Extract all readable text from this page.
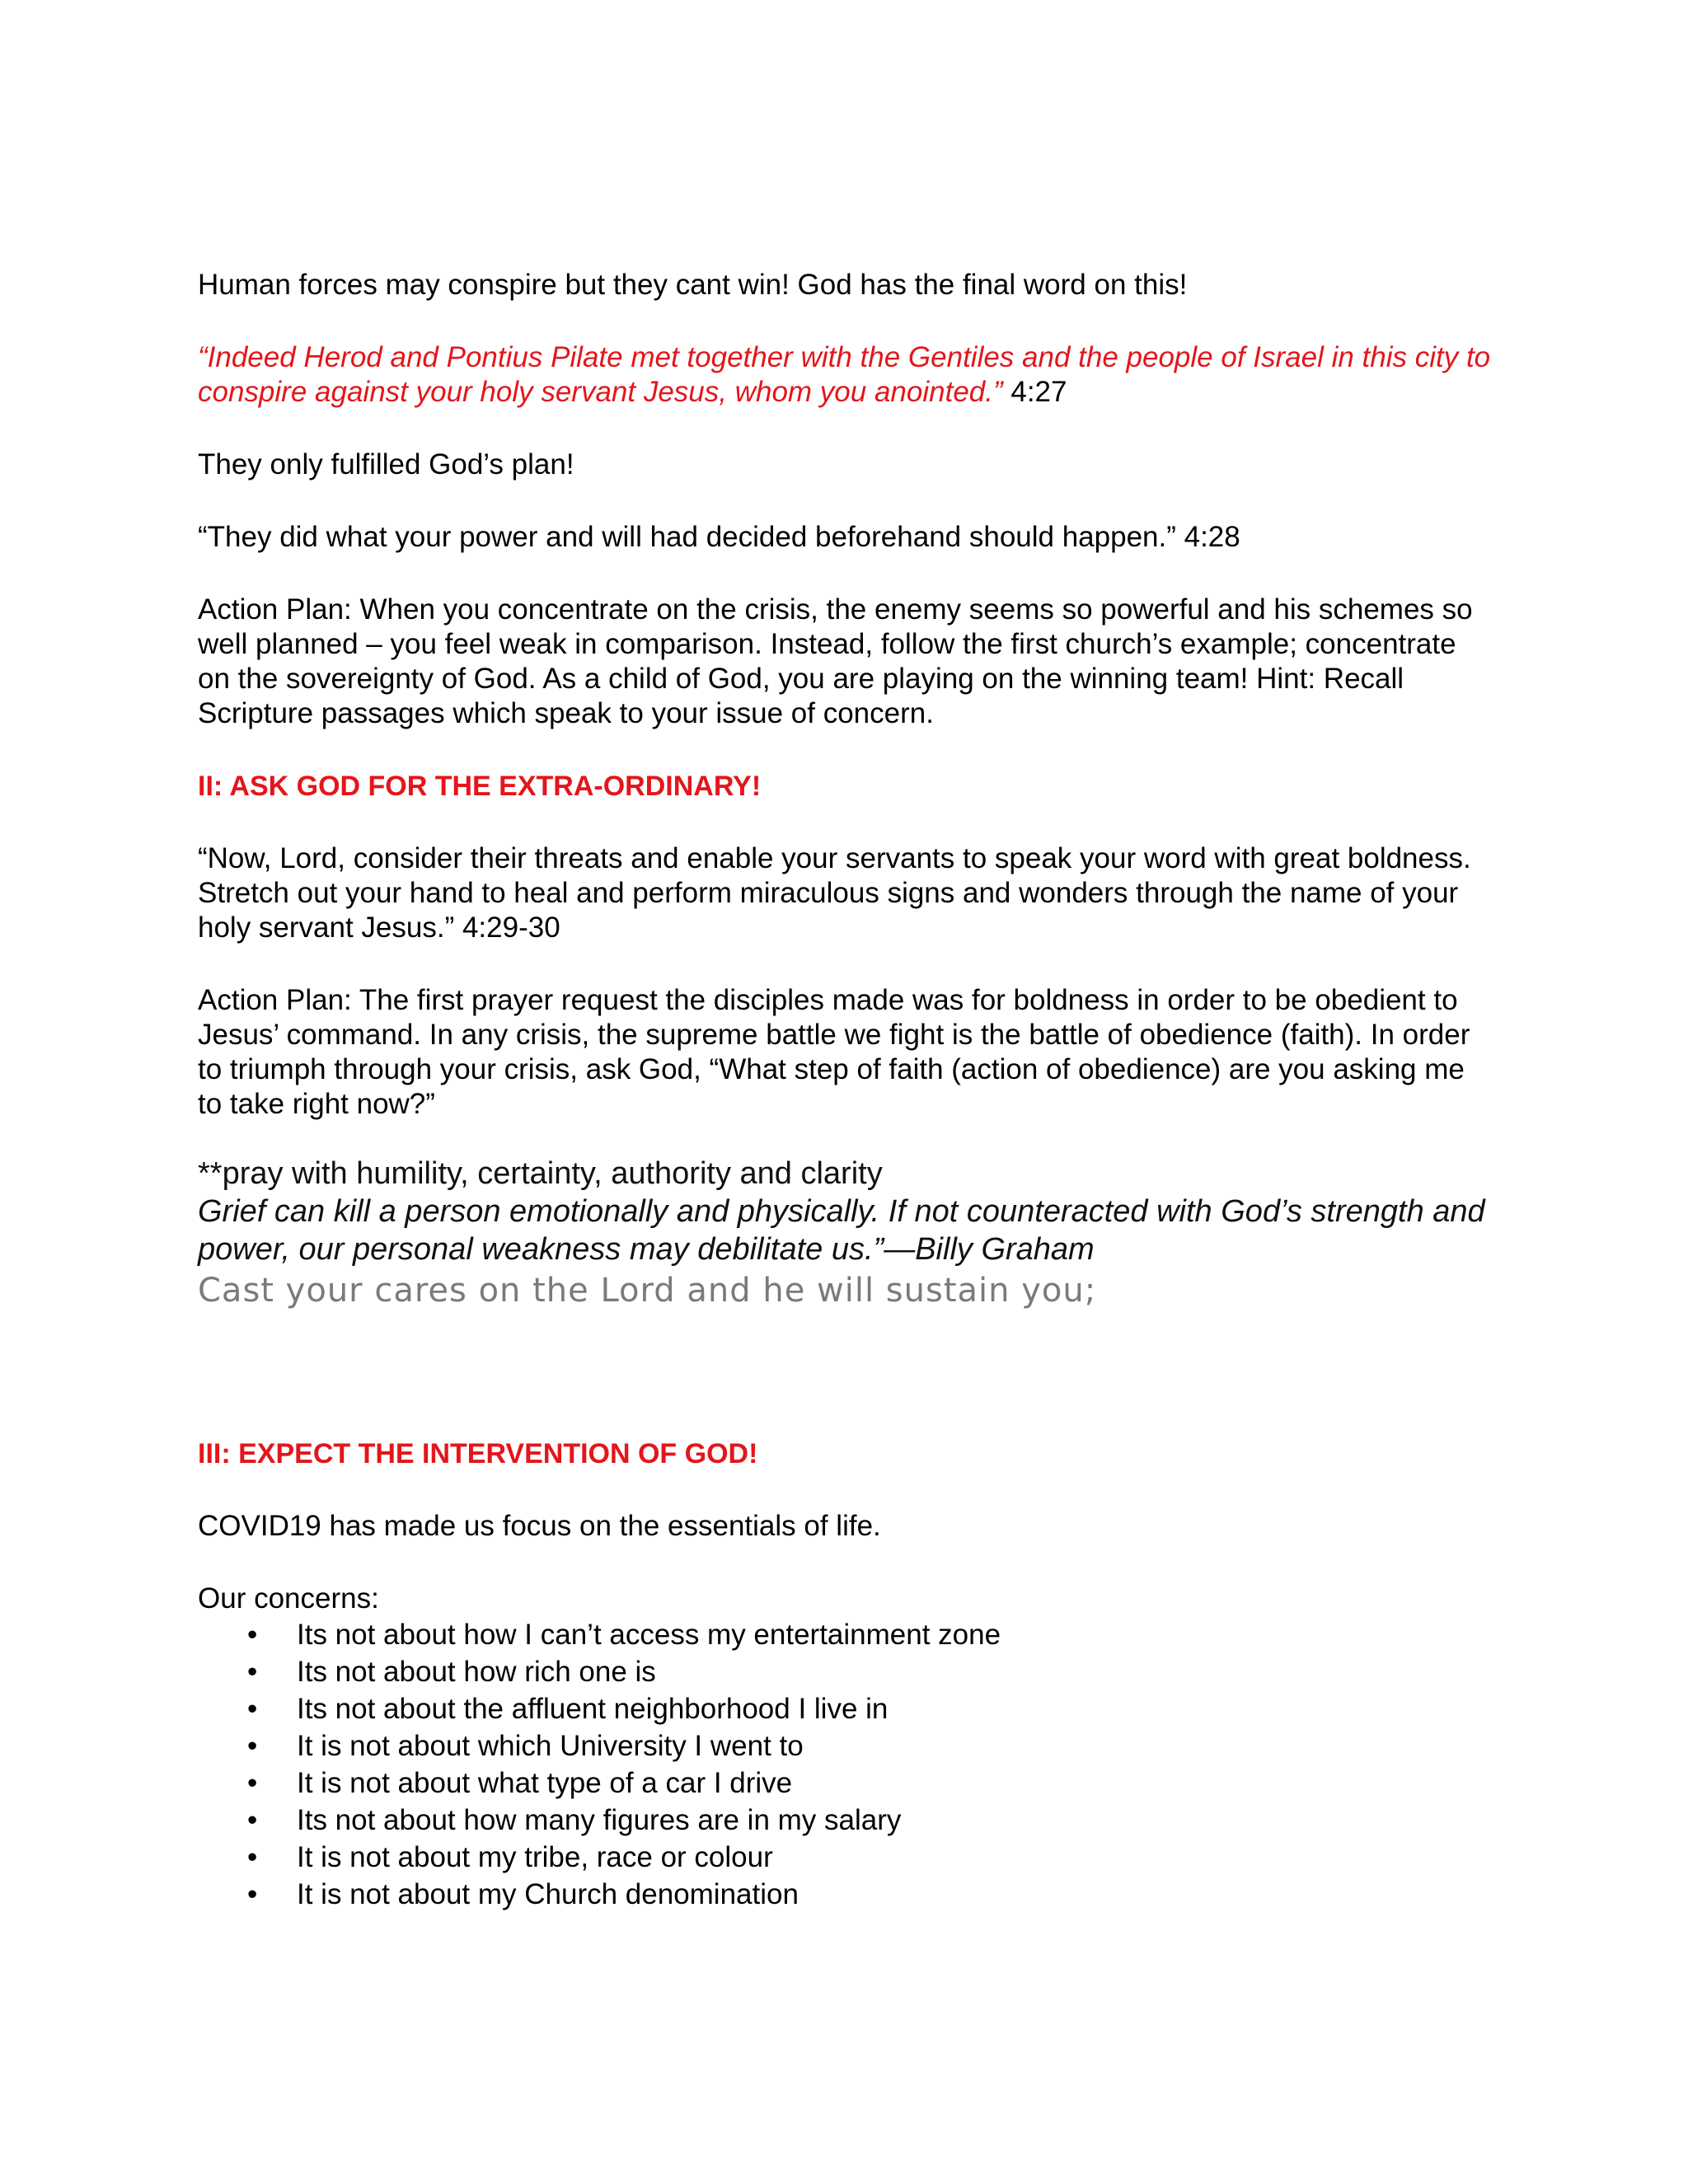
Human forces may conspire but they cant win! God has the final word on this!

“Indeed Herod and Pontius Pilate met together with the Gentiles and the people of Israel in this city to conspire against your holy servant Jesus, whom you anointed.” 4:27

They only fulfilled God’s plan!

“They did what your power and will had decided beforehand should happen.” 4:28

Action Plan: When you concentrate on the crisis, the enemy seems so powerful and his schemes so well planned – you feel weak in comparison. Instead, follow the first church’s example; concentrate on the sovereignty of God. As a child of God, you are playing on the winning team! Hint: Recall Scripture passages which speak to your issue of concern.

II: ASK GOD FOR THE EXTRA-ORDINARY!

“Now, Lord, consider their threats and enable your servants to speak your word with great boldness. Stretch out your hand to heal and perform miraculous signs and wonders through the name of your holy servant Jesus.” 4:29-30

Action Plan: The first prayer request the disciples made was for boldness in order to be obedient to Jesus’ command. In any crisis, the supreme battle we fight is the battle of obedience (faith). In order to triumph through your crisis, ask God, “What step of faith (action of obedience) are you asking me to take right now?”

**pray with humility, certainty, authority and clarity
Grief can kill a person emotionally and physically. If not counteracted with God’s strength and power, our personal weakness may debilitate us.”—Billy Graham
Cast your cares on the Lord and he will sustain you;

III: EXPECT THE INTERVENTION OF GOD!

COVID19 has made us focus on the essentials of life.

Our concerns:
• Its not about how I can’t access my entertainment zone
• Its not about how rich one is
• Its not about the affluent neighborhood I live in
• It is not about which University I went to
• It is not about what type of a car I drive
• Its not about how many figures are in my salary
• It is not about my tribe, race or colour
• It is not about my Church denomination
